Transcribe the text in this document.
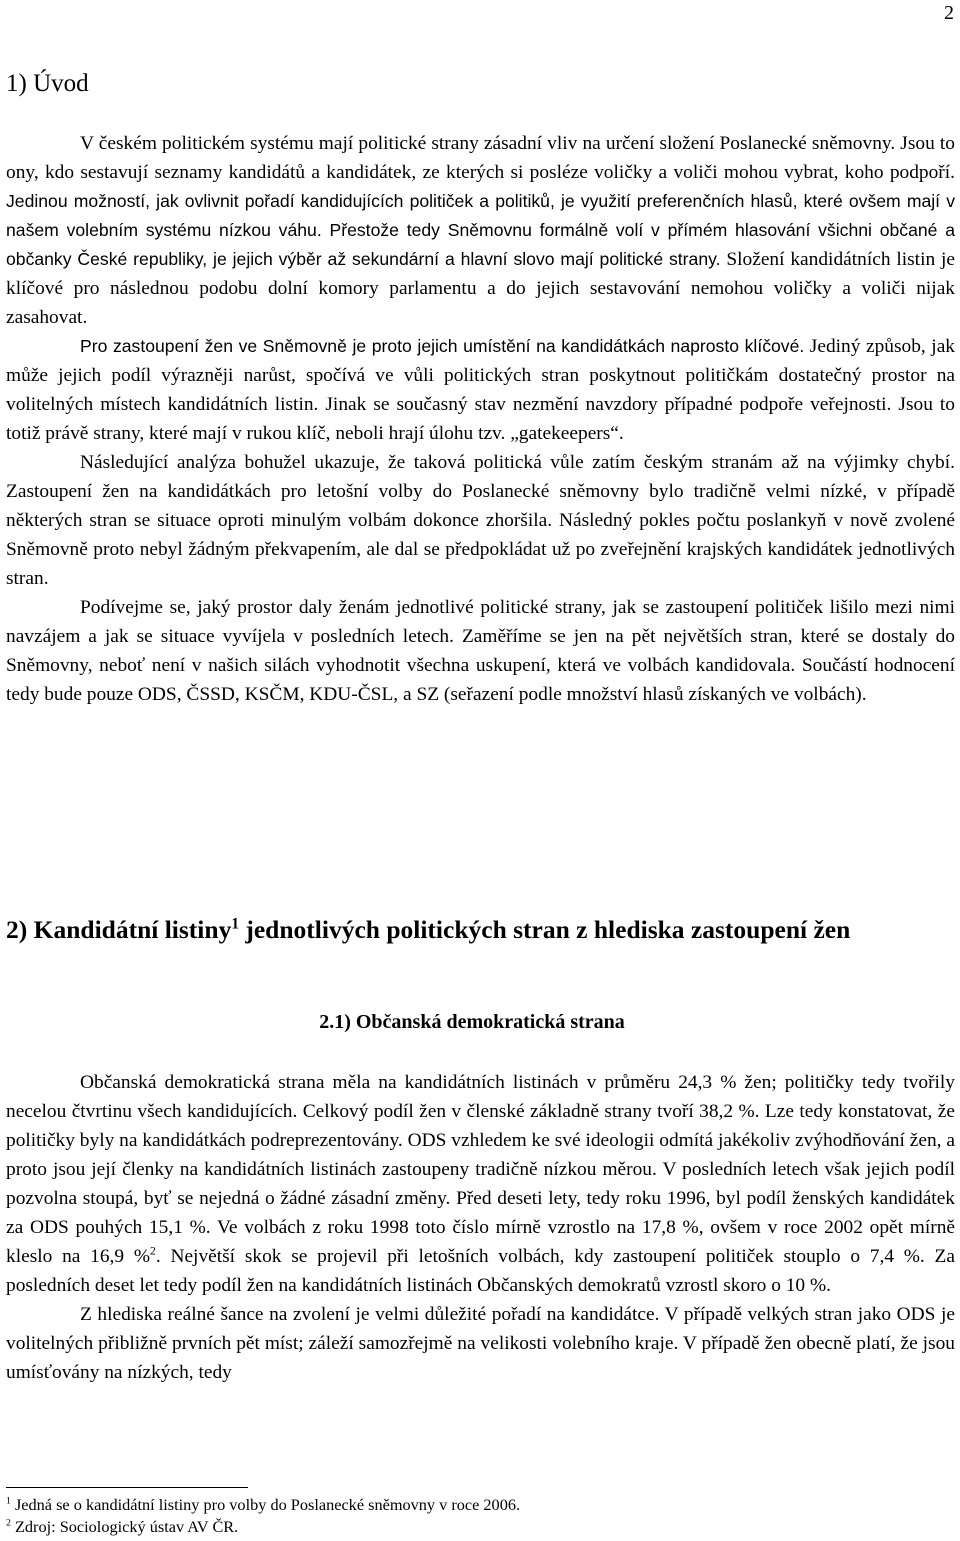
2

1) Úvod

V českém politickém systému mají politické strany zásadní vliv na určení složení Poslanecké sněmovny. Jsou to ony, kdo sestavují seznamy kandidátů a kandidátek, ze kterých si posléze voličky a voliči mohou vybrat, koho podpoří. Jedinou možností, jak ovlivnit pořadí kandidujících političek a politiků, je využití preferenčních hlasů, které ovšem mají v našem volebním systému nízkou váhu. Přestože tedy Sněmovnu formálně volí v přímém hlasování všichni občané a občanky České republiky, je jejich výběr až sekundární a hlavní slovo mají politické strany. Složení kandidátních listin je klíčové pro následnou podobu dolní komory parlamentu a do jejich sestavování nemohou voličky a voliči nijak zasahovat.

Pro zastoupení žen ve Sněmovně je proto jejich umístění na kandidátkách naprosto klíčové. Jediný způsob, jak může jejich podíl výrazněji narůst, spočívá ve vůli politických stran poskytnout političkám dostatečný prostor na volitelných místech kandidátních listin. Jinak se současný stav nezmění navzdory případné podpoře veřejnosti. Jsou to totiž právě strany, které mají v rukou klíč, neboli hrají úlohu tzv. „gatekeepers“.

Následující analýza bohužel ukazuje, že taková politická vůle zatím českým stranám až na výjimky chybí. Zastoupení žen na kandidátkách pro letošní volby do Poslanecké sněmovny bylo tradičně velmi nízké, v případě některých stran se situace oproti minulým volbám dokonce zhoršila. Následný pokles počtu poslankyň v nově zvolené Sněmovně proto nebyl žádným překvapením, ale dal se předpokládat už po zveřejnění krajských kandidátek jednotlivých stran.

Podívejme se, jaký prostor daly ženám jednotlivé politické strany, jak se zastoupení političek lišilo mezi nimi navzájem a jak se situace vyvíjela v posledních letech. Zaměříme se jen na pět největších stran, které se dostaly do Sněmovny, neboť není v našich silách vyhodnotit všechna uskupení, která ve volbách kandidovala. Součástí hodnocení tedy bude pouze ODS, ČSSD, KSČM, KDU-ČSL, a SZ (seřazení podle množství hlasů získaných ve volbách).

2) Kandidátní listiny$^1$ jednotlivých politických stran z hlediska zastoupení žen
2.1) Občanská demokratická strana

Občanská demokratická strana měla na kandidátních listinách v průměru 24,3 % žen; političky tedy tvořily necelou čtvrtinu všech kandidujících. Celkový podíl žen v členské základně strany tvoří 38,2 %. Lze tedy konstatovat, že političky byly na kandidátkách podreprezentovány. ODS vzhledem ke své ideologii odmítá jakékoliv zvýhodňování žen, a proto jsou její členky na kandidátních listinách zastoupeny tradičně nízkou měrou. V posledních letech však jejich podíl pozvolna stoupá, byť se nejedná o žádné zásadní změny. Před deseti lety, tedy roku 1996, byl podíl ženských kandidátek za ODS pouhých 15,1 %. Ve volbách z roku 1998 toto číslo mírně vzrostlo na 17,8 %, ovšem v roce 2002 opět mírně kleslo na 16,9 %$^2$. Největší skok se projevil při letošních volbách, kdy zastoupení političek stouplo o 7,4 %. Za posledních deset let tedy podíl žen na kandidátních listinách Občanských demokratů vzrostl skoro o 10 %.

Z hlediska reálné šance na zvolení je velmi důležité pořadí na kandidátce. V případě velkých stran jako ODS je volitelných přibližně prvních pět míst; záleží samozřejmě na velikosti volebního kraje. V případě žen obecně platí, že jsou umísťovány na nízkých, tedy

$^1$ Jedná se o kandidátní listiny pro volby do Poslanecké sněmovny v roce 2006.

$^2$ Zdroj: Sociologický ústav AV ČR.
